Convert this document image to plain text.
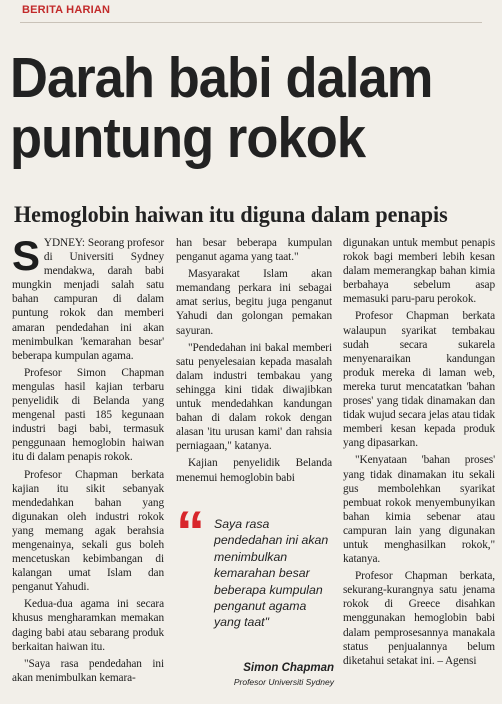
BERITA HARIAN
Darah babi dalam puntung rokok
Hemoglobin haiwan itu diguna dalam penapis

SYDNEY: Seorang profesor di Universiti Sydney mendakwa, darah babi mungkin menjadi salah satu bahan campuran di dalam puntung rokok dan memberi amaran pendedahan ini akan menimbulkan 'kemarahan besar' beberapa kumpulan agama.

Profesor Simon Chapman mengulas hasil kajian terbaru penyelidik di Belanda yang mengenal pasti 185 kegunaan industri bagi babi, termasuk penggunaan hemoglobin haiwan itu di dalam penapis rokok.

Profesor Chapman berkata kajian itu sikit sebanyak mendedahkan bahan yang digunakan oleh industri rokok yang memang agak berahsia mengenainya, sekali gus boleh mencetuskan kebimbangan di kalangan umat Islam dan penganut Yahudi.

Kedua-dua agama ini secara khusus mengharamkan memakan daging babi atau sebarang produk berkaitan haiwan itu.

"Saya rasa pendedahan ini akan menimbulkan kemara-

han besar beberapa kumpulan penganut agama yang taat."

Masyarakat Islam akan memandang perkara ini sebagai amat serius, begitu juga penganut Yahudi dan golongan pemakan sayuran.

"Pendedahan ini bakal memberi satu penyelesaian kepada masalah dalam industri tembakau yang sehingga kini tidak diwajibkan untuk mendedahkan kandungan bahan di dalam rokok dengan alasan 'itu urusan kami' dan rahsia perniagaan," katanya.

Kajian penyelidik Belanda menemui hemoglobin babi

“ Saya rasa pendedahan ini akan menimbulkan kemarahan besar beberapa kumpulan penganut agama yang taat"
Simon Chapman
Profesor Universiti Sydney

digunakan untuk membut penapis rokok bagi memberi lebih kesan dalam memerangkap bahan kimia berbahaya sebelum asap memasuki paru-paru perokok.

Profesor Chapman berkata walaupun syarikat tembakau sudah secara sukarela menyenaraikan kandungan produk mereka di laman web, mereka turut mencatatkan 'bahan proses' yang tidak dinamakan dan tidak wujud secara jelas atau tidak memberi kesan kepada produk yang dipasarkan.

"Kenyataan 'bahan proses' yang tidak dinamakan itu sekali gus membolehkan syarikat pembuat rokok menyembunyikan bahan kimia sebenar atau campuran lain yang digunakan untuk menghasilkan rokok," katanya.

Profesor Chapman berkata, sekurang-kurangnya satu jenama rokok di Greece disahkan menggunakan hemoglobin babi dalam pemprosesannya manakala status penjualannya belum diketahui setakat ini. – Agensi
